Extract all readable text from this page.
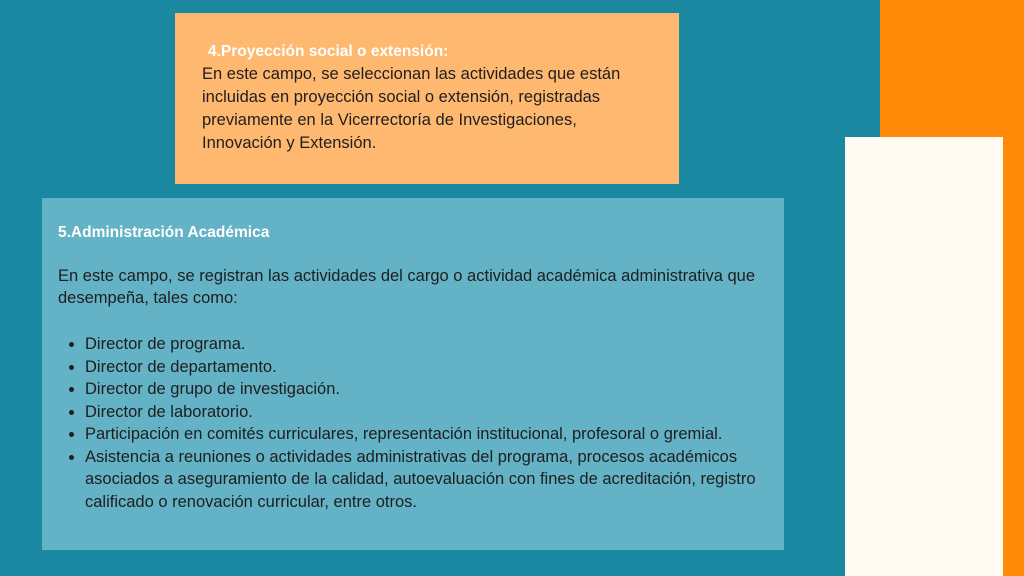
4.Proyección social o extensión:

En este campo, se seleccionan las actividades que están incluidas en proyección social o extensión, registradas previamente en la Vicerrectoría de Investigaciones, Innovación y Extensión.

5.Administración Académica
En este campo, se registran las actividades del cargo o actividad académica administrativa que desempeña, tales como:
• Director de programa.
• Director de departamento.
• Director de grupo de investigación.
• Director de laboratorio.
• Participación en comités curriculares, representación institucional, profesoral o gremial.
• Asistencia a reuniones o actividades administrativas del programa, procesos académicos asociados a aseguramiento de la calidad, autoevaluación con fines de acreditación, registro calificado o renovación curricular, entre otros.
